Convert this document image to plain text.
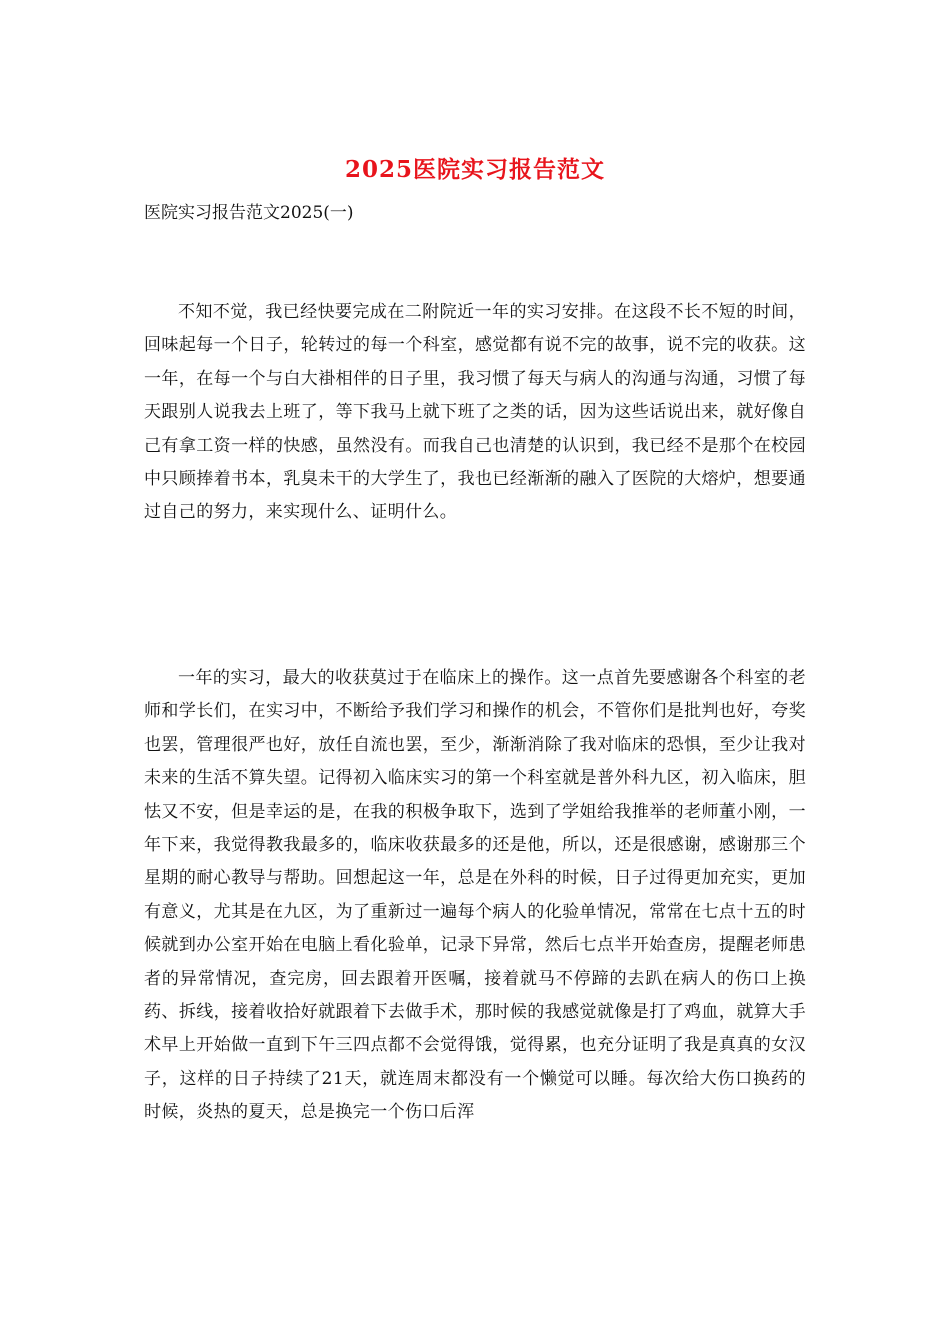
2025医院实习报告范文

医院实习报告范文2025(一)

不知不觉，我已经快要完成在二附院近一年的实习安排。在这段不长不短的时间，回味起每一个日子，轮转过的每一个科室，感觉都有说不完的故事，说不完的收获。这一年，在每一个与白大褂相伴的日子里，我习惯了每天与病人的沟通与沟通，习惯了每天跟别人说我去上班了，等下我马上就下班了之类的话，因为这些话说出来，就好像自己有拿工资一样的快感，虽然没有。而我自己也清楚的认识到，我已经不是那个在校园中只顾捧着书本，乳臭未干的大学生了，我也已经渐渐的融入了医院的大熔炉，想要通过自己的努力，来实现什么、证明什么。

一年的实习，最大的收获莫过于在临床上的操作。这一点首先要感谢各个科室的老师和学长们，在实习中，不断给予我们学习和操作的机会，不管你们是批判也好，夸奖也罢，管理很严也好，放任自流也罢，至少，渐渐消除了我对临床的恐惧，至少让我对未来的生活不算失望。记得初入临床实习的第一个科室就是普外科九区，初入临床，胆怯又不安，但是幸运的是，在我的积极争取下，选到了学姐给我推举的老师董小刚，一年下来，我觉得教我最多的，临床收获最多的还是他，所以，还是很感谢，感谢那三个星期的耐心教导与帮助。回想起这一年，总是在外科的时候，日子过得更加充实，更加有意义，尤其是在九区，为了重新过一遍每个病人的化验单情况，常常在七点十五的时候就到办公室开始在电脑上看化验单，记录下异常，然后七点半开始查房，提醒老师患者的异常情况，查完房，回去跟着开医嘱，接着就马不停蹄的去趴在病人的伤口上换药、拆线，接着收拾好就跟着下去做手术，那时候的我感觉就像是打了鸡血，就算大手术早上开始做一直到下午三四点都不会觉得饿，觉得累，也充分证明了我是真真的女汉子，这样的日子持续了21天，就连周末都没有一个懒觉可以睡。每次给大伤口换药的时候，炎热的夏天，总是换完一个伤口后浑
